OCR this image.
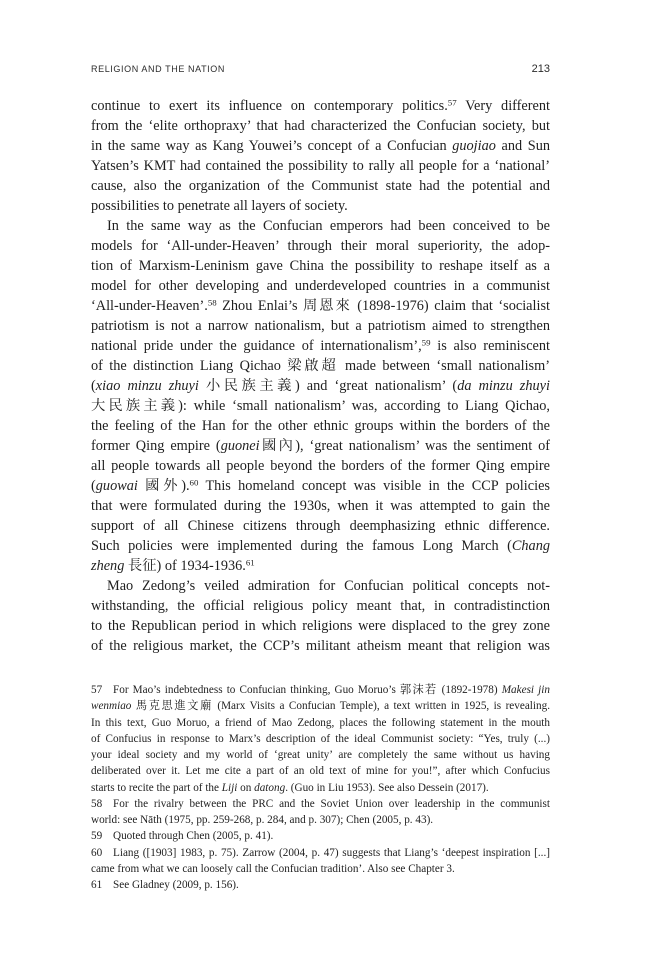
RELIGION AND THE NATION	213
continue to exert its influence on contemporary politics.$^{57}$ Very different
from the ‘elite orthopraxy’ that had characterized the Confucian society, but
in the same way as Kang Youwei’s concept of a Confucian guojiao and Sun
Yatsen’s KMT had contained the possibility to rally all people for a ‘national’
cause, also the organization of the Communist state had the potential and
possibilities to penetrate all layers of society.
In the same way as the Confucian emperors had been conceived to be
models for ‘All-under-Heaven’ through their moral superiority, the adop-
tion of Marxism-Leninism gave China the possibility to reshape itself as a
model for other developing and underdeveloped countries in a communist
‘All-under-Heaven’.$^{58}$ Zhou Enlai’s 周恩來 (1898-1976) claim that ‘socialist
patriotism is not a narrow nationalism, but a patriotism aimed to strengthen
national pride under the guidance of internationalism’,$^{59}$ is also reminiscent
of the distinction Liang Qichao 梁啟超 made between ‘small nationalism’
(xiao minzu zhuyi 小民族主義) and ‘great nationalism’ (da minzu zhuyi
大民族主義): while ‘small nationalism’ was, according to Liang Qichao,
the feeling of the Han for the other ethnic groups within the borders of the
former Qing empire (guonei國內), ‘great nationalism’ was the sentiment of
all people towards all people beyond the borders of the former Qing empire
(guowai 國外).$^{60}$ This homeland concept was visible in the CCP policies
that were formulated during the 1930s, when it was attempted to gain the
support of all Chinese citizens through deemphasizing ethnic difference.
Such policies were implemented during the famous Long March (Chang
zheng 長征) of 1934-1936.61
Mao Zedong’s veiled admiration for Confucian political concepts not-
withstanding, the official religious policy meant that, in contradistinction
to the Republican period in which religions were displaced to the grey zone
of the religious market, the CCP’s militant atheism meant that religion was
57 For Mao’s indebtedness to Confucian thinking, Guo Moruo’s 郭沫若 (1892-1978) Makesi jin
wenmiao 馬克思進文廟 (Marx Visits a Confucian Temple), a text written in 1925, is revealing.
In this text, Guo Moruo, a friend of Mao Zedong, places the following statement in the mouth
of Confucius in response to Marx’s description of the ideal Communist society: “Yes, truly (...)
your ideal society and my world of ‘great unity’ are completely the same without us having
deliberated over it. Let me cite a part of an old text of mine for you!”, after which Confucius
starts to recite the part of the Liji on datong. (Guo in Liu 1953). See also Dessein (2017).
58 For the rivalry between the PRC and the Soviet Union over leadership in the communist
world: see Nāth (1975, pp. 259-268, p. 284, and p. 307); Chen (2005, p. 43).
59 Quoted through Chen (2005, p. 41).
60 Liang ([1903] 1983, p. 75). Zarrow (2004, p. 47) suggests that Liang’s ‘deepest inspiration [...]
came from what we can loosely call the Confucian tradition’. Also see Chapter 3.
61 See Gladney (2009, p. 156).
